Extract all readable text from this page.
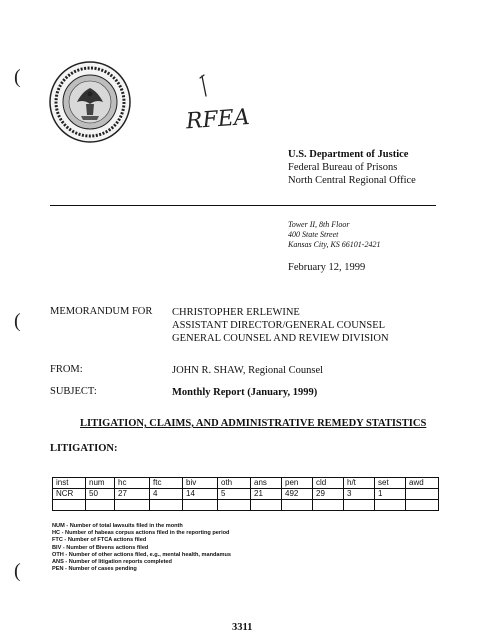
(
(
(
RFEA
U.S. Department of Justice
Federal Bureau of Prisons
North Central Regional Office
Tower II, 8th Floor
400 State Street
Kansas City, KS 66101-2421
February 12, 1999
MEMORANDUM FOR CHRISTOPHER ERLEWINE
ASSISTANT DIRECTOR/GENERAL COUNSEL
GENERAL COUNSEL AND REVIEW DIVISION
FROM:	JOHN R. SHAW, Regional Counsel
SUBJECT:	Monthly Report (January, 1999)
LITIGATION, CLAIMS, AND ADMINISTRATIVE REMEDY STATISTICS
LITIGATION:
inst	num	hc	ftc	biv	oth	ans	pen	cld	h/t	set	awd
NCR	50	27	4	14	5	21	492	29	3	1	

NUM - Number of total lawsuits filed in the month
HC - Number of habeas corpus actions filed in the reporting period
FTC - Number of FTCA actions filed
BIV - Number of Bivens actions filed
OTH - Number of other actions filed, e.g., mental health, mandamus
ANS - Number of litigation reports completed
PEN - Number of cases pending
3311
